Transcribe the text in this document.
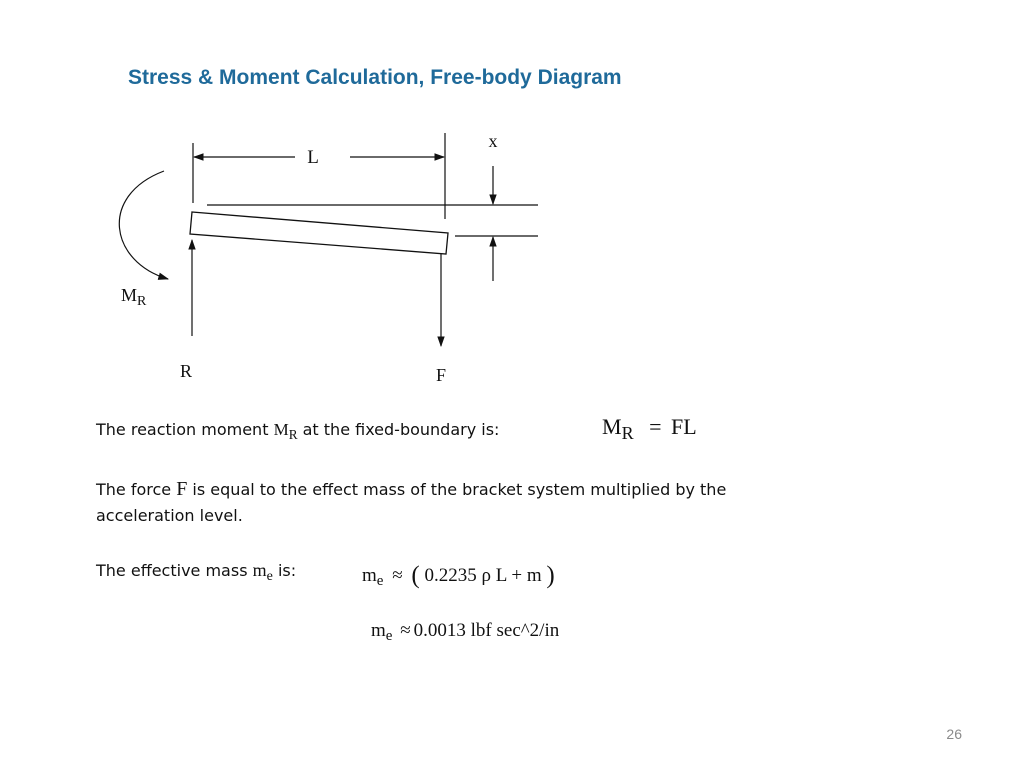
Stress & Moment Calculation, Free-body Diagram
L
x
$M_R$
R	F
The reaction moment $M_R$ at the fixed-boundary is:	$M_R$ = FL
The force F is equal to the effect mass of the bracket system multiplied by the
acceleration level.
The effective mass $m_e$ is:	$m_e$ ≈ ( 0.2235 ρ L + m )
$m_e \approx 0.0013$ lbf sec^2/in
26
